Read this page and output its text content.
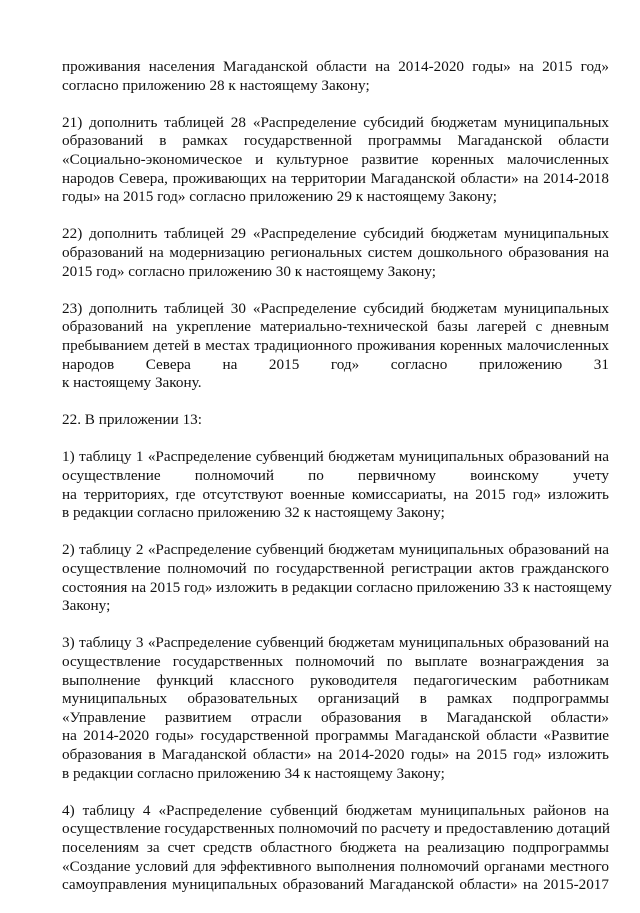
проживания населения Магаданской области на 2014-2020 годы» на 2015 год»
согласно приложению 28 к настоящему Закону;
21) дополнить таблицей 28 «Распределение субсидий бюджетам муниципальных
образований в рамках государственной программы Магаданской области
«Социально-экономическое и культурное развитие коренных малочисленных
народов Севера, проживающих на территории Магаданской области» на 2014-2018
годы» на 2015 год» согласно приложению 29 к настоящему Закону;
22) дополнить таблицей 29 «Распределение субсидий бюджетам муниципальных
образований на модернизацию региональных систем дошкольного образования на
2015 год» согласно приложению 30 к настоящему Закону;
23) дополнить таблицей 30 «Распределение субсидий бюджетам муниципальных
образований на укрепление материально-технической базы лагерей с дневным
пребыванием детей в местах традиционного проживания коренных малочисленных
народов Севера на 2015 год» согласно приложению 31
к настоящему Закону.
22. В приложении 13:
1) таблицу 1 «Распределение субвенций бюджетам муниципальных образований на
осуществление полномочий по первичному воинскому учету
на территориях, где отсутствуют военные комиссариаты, на 2015 год» изложить
в редакции согласно приложению 32 к настоящему Закону;
2) таблицу 2 «Распределение субвенций бюджетам муниципальных образований на
осуществление полномочий по государственной регистрации актов гражданского
состояния на 2015 год» изложить в редакции согласно приложению 33 к настоящему
Закону;
3) таблицу 3 «Распределение субвенций бюджетам муниципальных образований на
осуществление государственных полномочий по выплате вознаграждения за
выполнение функций классного руководителя педагогическим работникам
муниципальных образовательных организаций в рамках подпрограммы
«Управление развитием отрасли образования в Магаданской области»
на 2014-2020 годы» государственной программы Магаданской области «Развитие
образования в Магаданской области» на 2014-2020 годы» на 2015 год» изложить
в редакции согласно приложению 34 к настоящему Закону;
4) таблицу 4 «Распределение субвенций бюджетам муниципальных районов на
осуществление государственных полномочий по расчету и предоставлению дотаций
поселениям за счет средств областного бюджета на реализацию подпрограммы
«Создание условий для эффективного выполнения полномочий органами местного
самоуправления муниципальных образований Магаданской области» на 2015-2017
